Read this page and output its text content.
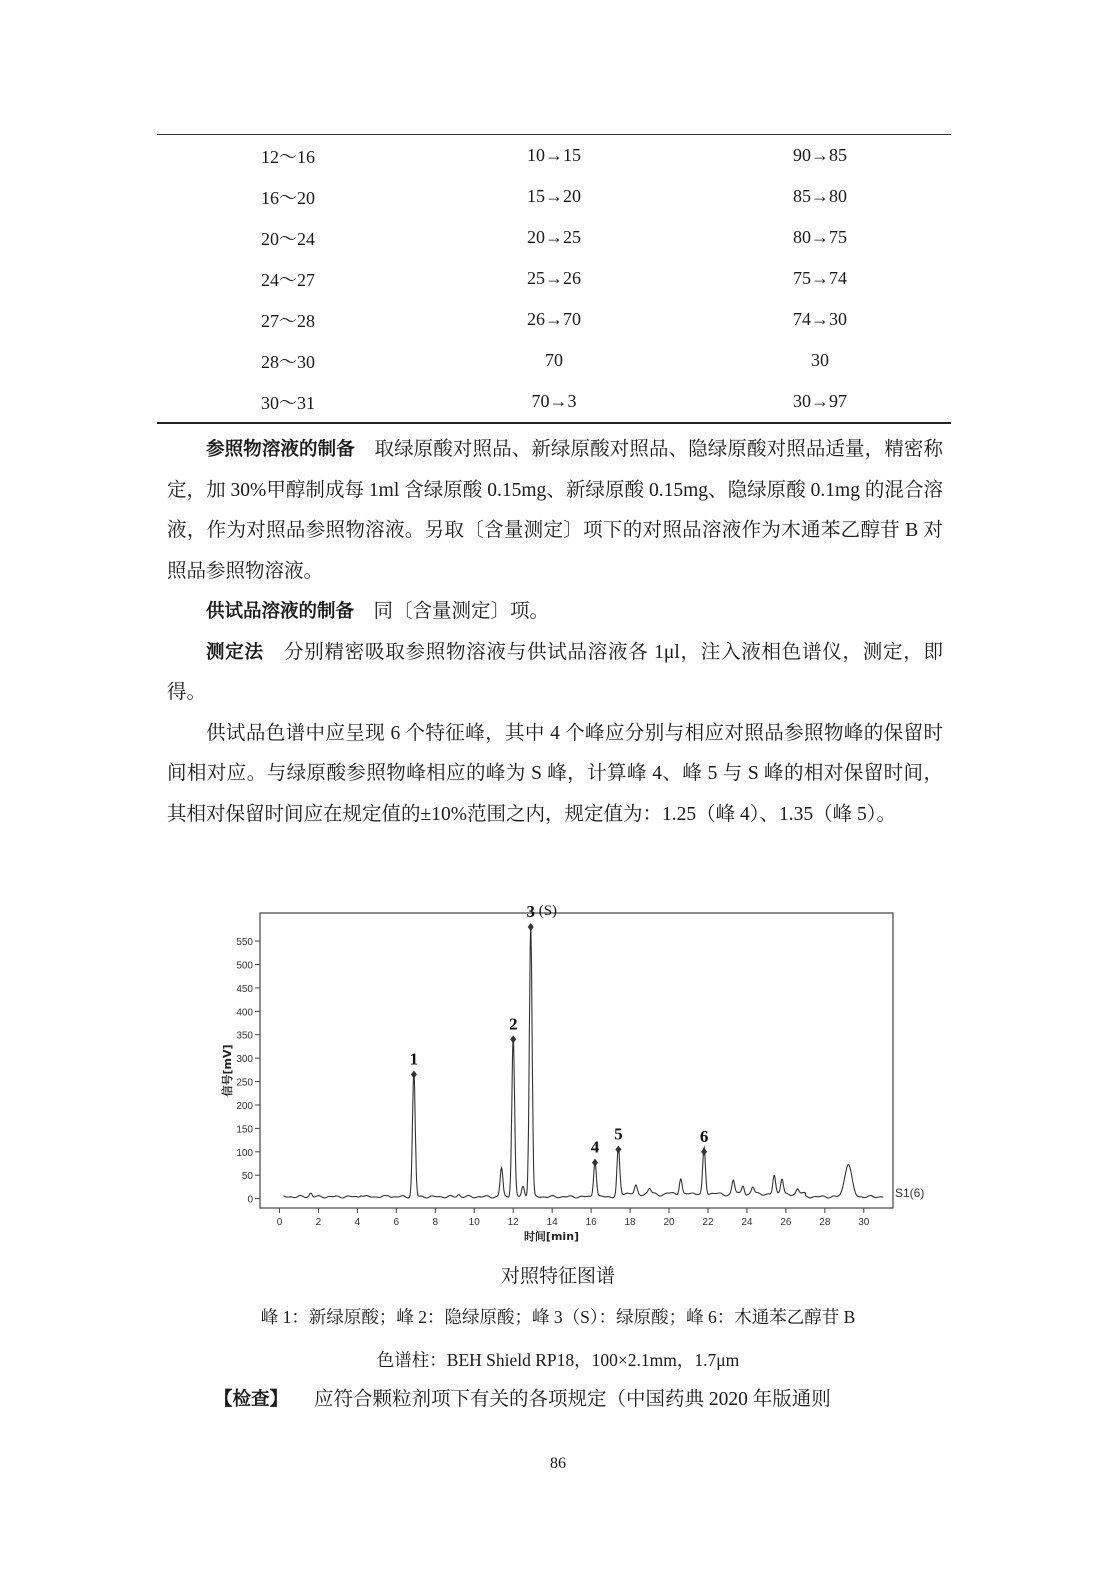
12～16	10→15	90→85
16～20	15→20	85→80
20～24	20→25	80→75
24～27	25→26	75→74
27～28	26→70	74→30
28～30	70	30
30～31	70→3	30→97

参照物溶液的制备　 取绿原酸对照品、新绿原酸对照品、隐绿原酸对照品适量，精密称定，加 30%甲醇制成每 1ml 含绿原酸 0.15mg、新绿原酸 0.15mg、隐绿原酸 0.1mg 的混合溶液，作为对照品参照物溶液。另取〔含量测定〕项下的对照品溶液作为木通苯乙醇苷 B 对照品参照物溶液。

供试品溶液的制备　 同〔含量测定〕项。

测定法　 分别精密吸取参照物溶液与供试品溶液各 1μl，注入液相色谱仪，测定，即得。

供试品色谱中应呈现 6 个特征峰，其中 4 个峰应分别与相应对照品参照物峰的保留时间相对应。与绿原酸参照物峰相应的峰为 S 峰，计算峰 4、峰 5 与 S 峰的相对保留时间，其相对保留时间应在规定值的±10%范围之内，规定值为：1.25（峰 4）、1.35（峰 5）。

0
50
100
150
200
250
300
350
400
450
500
550
0	2	4	6	8	10	12	14	16	18	20	22	24	26	28	30
时间[min]
信号[mV]	1
2
3 (S)
4
5	6
S1(6)
对照特征图谱
峰 1：新绿原酸；峰 2：隐绿原酸；峰 3（S）：绿原酸；峰 6：木通苯乙醇苷 B
色谱柱：BEH Shield RP18，100×2.1mm，1.7μm
【检查】 应符合颗粒剂项下有关的各项规定（中国药典 2020 年版通则
86
